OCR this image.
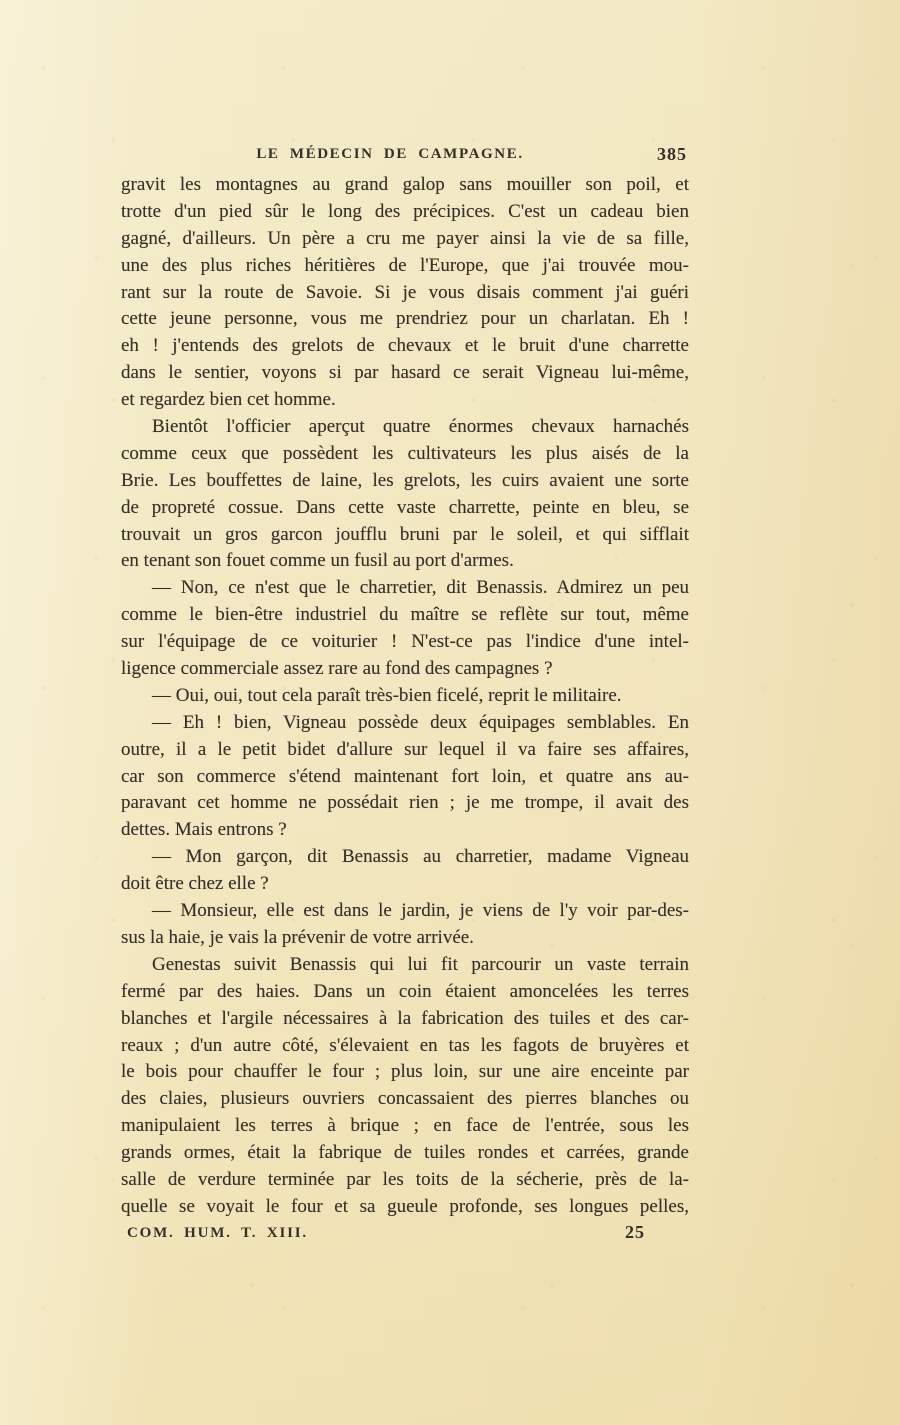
LE MÉDECIN DE CAMPAGNE.	385
gravit les montagnes au grand galop sans mouiller son poil, et
trotte d'un pied sûr le long des précipices. C'est un cadeau bien
gagné, d'ailleurs. Un père a cru me payer ainsi la vie de sa fille,
une des plus riches héritières de l'Europe, que j'ai trouvée mou-
rant sur la route de Savoie. Si je vous disais comment j'ai guéri
cette jeune personne, vous me prendriez pour un charlatan. Eh !
eh ! j'entends des grelots de chevaux et le bruit d'une charrette
dans le sentier, voyons si par hasard ce serait Vigneau lui-même,
et regardez bien cet homme.
Bientôt l'officier aperçut quatre énormes chevaux harnachés
comme ceux que possèdent les cultivateurs les plus aisés de la
Brie. Les bouffettes de laine, les grelots, les cuirs avaient une sorte
de propreté cossue. Dans cette vaste charrette, peinte en bleu, se
trouvait un gros garcon joufflu bruni par le soleil, et qui sifflait
en tenant son fouet comme un fusil au port d'armes.
— Non, ce n'est que le charretier, dit Benassis. Admirez un peu
comme le bien-être industriel du maître se reflète sur tout, même
sur l'équipage de ce voiturier ! N'est-ce pas l'indice d'une intel-
ligence commerciale assez rare au fond des campagnes ?
— Oui, oui, tout cela paraît très-bien ficelé, reprit le militaire.
— Eh ! bien, Vigneau possède deux équipages semblables. En
outre, il a le petit bidet d'allure sur lequel il va faire ses affaires,
car son commerce s'étend maintenant fort loin, et quatre ans au-
paravant cet homme ne possédait rien ; je me trompe, il avait des
dettes. Mais entrons ?
— Mon garçon, dit Benassis au charretier, madame Vigneau
doit être chez elle ?
— Monsieur, elle est dans le jardin, je viens de l'y voir par-des-
sus la haie, je vais la prévenir de votre arrivée.
Genestas suivit Benassis qui lui fit parcourir un vaste terrain
fermé par des haies. Dans un coin étaient amoncelées les terres
blanches et l'argile nécessaires à la fabrication des tuiles et des car-
reaux ; d'un autre côté, s'élevaient en tas les fagots de bruyères et
le bois pour chauffer le four ; plus loin, sur une aire enceinte par
des claies, plusieurs ouvriers concassaient des pierres blanches ou
manipulaient les terres à brique ; en face de l'entrée, sous les
grands ormes, était la fabrique de tuiles rondes et carrées, grande
salle de verdure terminée par les toits de la sécherie, près de la-
quelle se voyait le four et sa gueule profonde, ses longues pelles,
COM. HUM. T. XIII.	25
